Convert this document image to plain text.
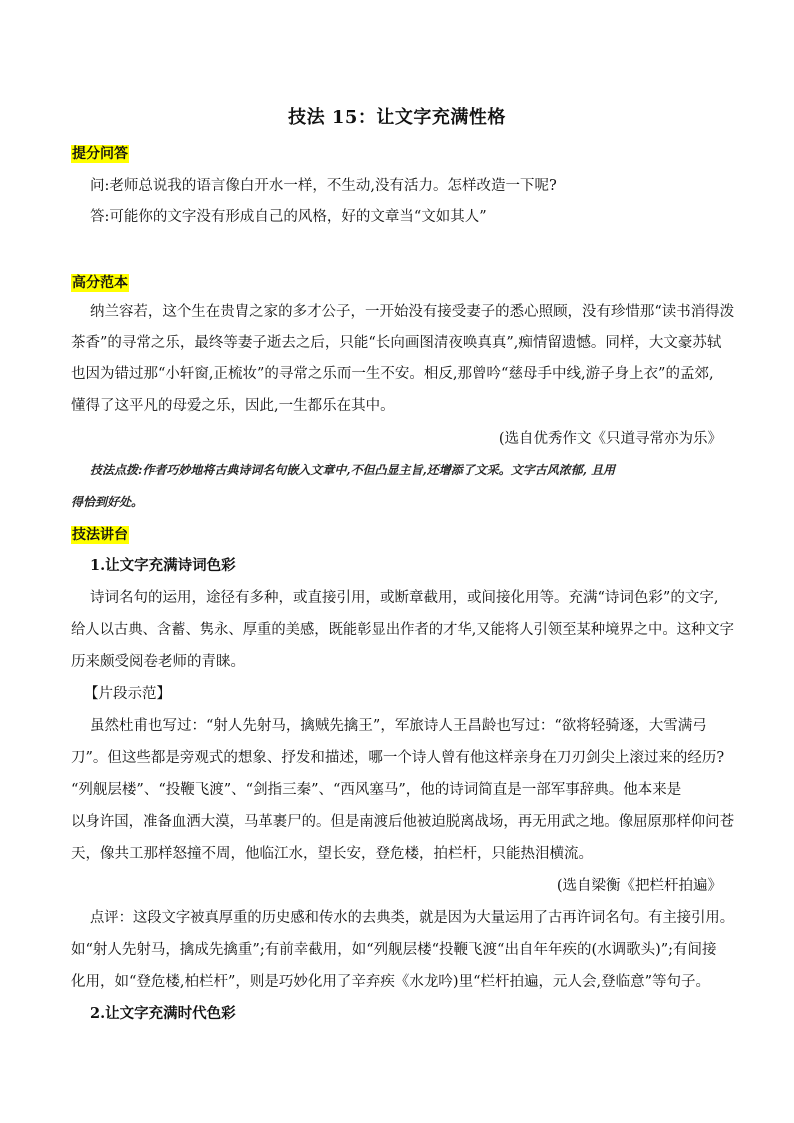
技法 15：让文字充满性格
提分问答
问:老师总说我的语言像白开水一样，不生动,没有活力。怎样改造一下呢?
答:可能你的文字没有形成自己的风格，好的文章当“文如其人”
高分范本
纳兰容若，这个生在贵胄之家的多才公子，一开始没有接受妻子的悉心照顾，没有珍惜那“读书消得泼
茶香”的寻常之乐，最终等妻子逝去之后，只能“长向画图清夜唤真真”,痴情留遗憾。同样，大文豪苏轼
也因为错过那“小轩窗,正梳妆”的寻常之乐而一生不安。相反,那曾吟“慈母手中线,游子身上衣”的孟郊,
懂得了这平凡的母爱之乐，因此,一生都乐在其中。
(选自优秀作文《只道寻常亦为乐》
技法点拨:作者巧妙地将古典诗词名句嵌入文章中,不但凸显主旨,还增添了文采。文字古风浓郁, 且用
得恰到好处。
技法讲台
1.让文字充满诗词色彩
诗词名句的运用，途径有多种，或直接引用，或断章截用，或间接化用等。充满“诗词色彩”的文字,
给人以古典、含蓄、隽永、厚重的美感，既能彰显出作者的才华,又能将人引领至某种境界之中。这种文字
历来颇受阅卷老师的青睐。
【片段示范】
虽然杜甫也写过：“射人先射马，擒贼先擒王”，军旅诗人王昌龄也写过：“欲将轻骑逐，大雪满弓
刀”。但这些都是旁观式的想象、抒发和描述，哪一个诗人曾有他这样亲身在刀刃剑尖上滚过来的经历?
“列舰层楼”、“投鞭飞渡”、“剑指三秦”、“西风塞马”，他的诗词简直是一部军事辞典。他本来是
以身许国，准备血洒大漠，马革裹尸的。但是南渡后他被迫脱离战场，再无用武之地。像屈原那样仰问苍
天，像共工那样怒撞不周，他临江水，望长安，登危楼，拍栏杆，只能热泪横流。
(选自梁衡《把栏杆拍遍》
点评：这段文字被真厚重的历史感和传水的去典类，就是因为大量运用了古再许词名句。有主接引用。
如“射人先射马，擒成先擒重”;有前幸截用，如“列舰层楼“投鞭飞渡“出自年年疾的(水调歌头)”;有间接
化用，如“登危楼,柏栏杆”，则是巧妙化用了辛弃疾《水龙吟)里“栏杆拍遍，元人会,登临意”等句子。
2.让文字充满时代色彩
